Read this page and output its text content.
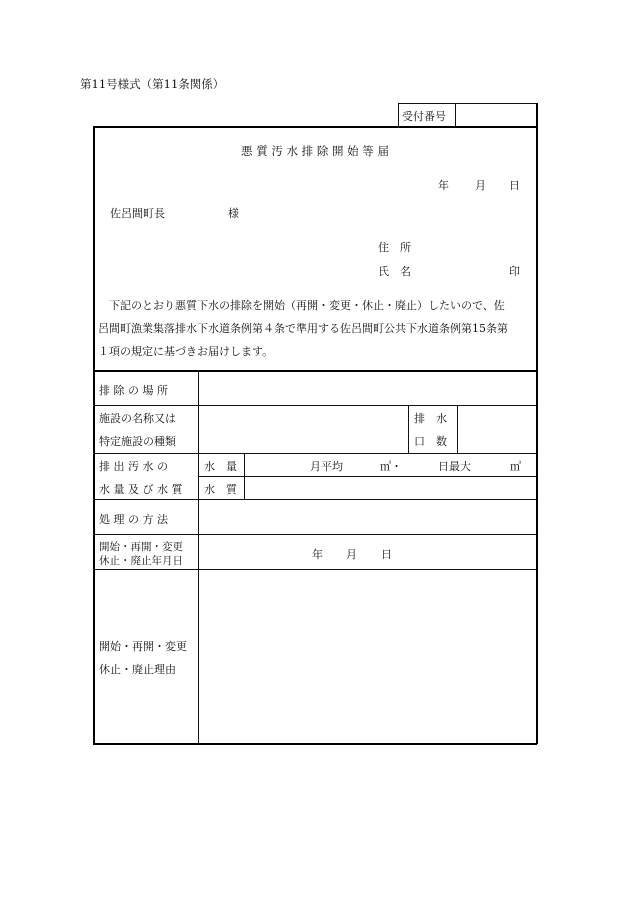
第11号様式（第11条関係）
受付番号
悪 質 汚 水 排 除 開 始 等 届
年 月 日
佐呂間町長	様
住　所
氏　名	印
　下記のとおり悪質下水の排除を開始（再開・変更・休止・廃止）したいので、佐
呂間町漁業集落排水下水道条例第４条で準用する佐呂間町公共下水道条例第15条第
１項の規定に基づきお届けします。
排 除 の 場 所
施設の名称又は
特定施設の種類
排　水
口　数
排 出 汚 水 の
水 量 及 び 水 質
水　量	月平均	㎥・	日最大	㎥
水　質
処 理 の 方 法
開始・再開・変更
休止・廃止年月日	年 月 日
開始・再開・変更
休止・廃止理由
